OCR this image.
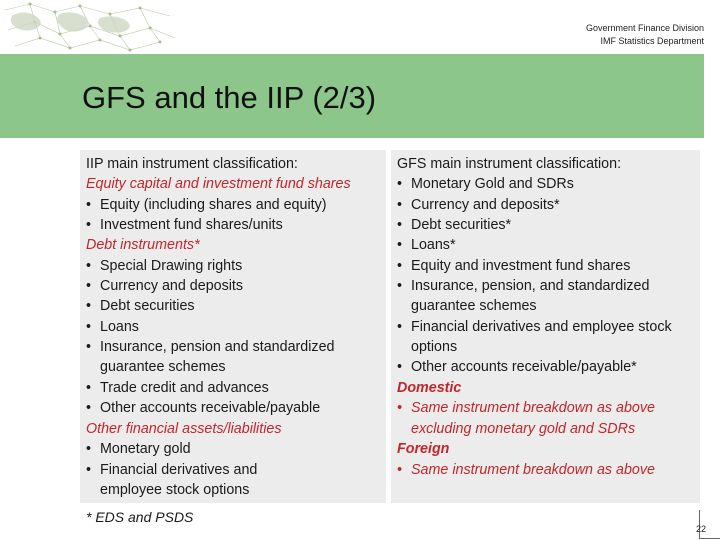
Government Finance Division
IMF Statistics Department
GFS and the IIP (2/3)
IIP main instrument classification:
Equity capital and investment fund shares
• Equity (including shares and equity)
• Investment fund shares/units
Debt instruments*
• Special Drawing rights
• Currency and deposits
• Debt securities
• Loans
• Insurance, pension and standardized
guarantee schemes
• Trade credit and advances
• Other accounts receivable/payable
Other financial assets/liabilities
• Monetary gold
• Financial derivatives and
employee stock options
GFS main instrument classification:
• Monetary Gold and SDRs
• Currency and deposits*
• Debt securities*
• Loans*
• Equity and investment fund shares
• Insurance, pension, and standardized
guarantee schemes
• Financial derivatives and employee stock
options
• Other accounts receivable/payable*
Domestic
• Same instrument breakdown as above
excluding monetary gold and SDRs
Foreign
• Same instrument breakdown as above
* EDS and PSDS
22
